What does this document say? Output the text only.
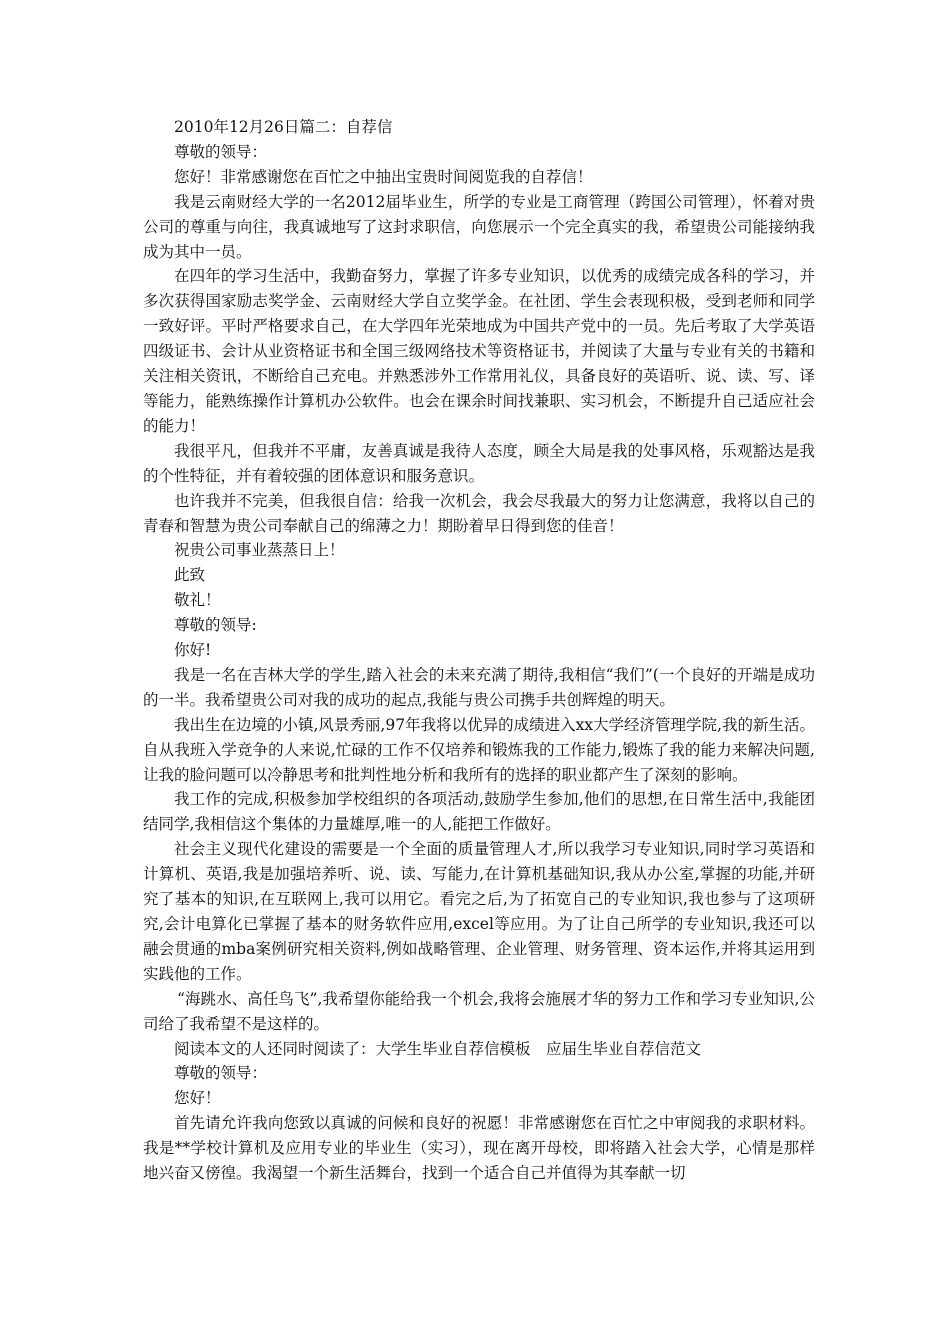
2010年12月26日篇二：自荐信

尊敬的领导：

您好！非常感谢您在百忙之中抽出宝贵时间阅览我的自荐信！

我是云南财经大学的一名2012届毕业生，所学的专业是工商管理（跨国公司管理），怀着对贵公司的尊重与向往，我真诚地写了这封求职信，向您展示一个完全真实的我，希望贵公司能接纳我成为其中一员。

在四年的学习生活中，我勤奋努力，掌握了许多专业知识，以优秀的成绩完成各科的学习，并多次获得国家励志奖学金、云南财经大学自立奖学金。在社团、学生会表现积极，受到老师和同学一致好评。平时严格要求自己，在大学四年光荣地成为中国共产党中的一员。先后考取了大学英语四级证书、会计从业资格证书和全国三级网络技术等资格证书，并阅读了大量与专业有关的书籍和关注相关资讯，不断给自己充电。并熟悉涉外工作常用礼仪，具备良好的英语听、说、读、写、译等能力，能熟练操作计算机办公软件。也会在课余时间找兼职、实习机会，不断提升自己适应社会的能力！

我很平凡，但我并不平庸，友善真诚是我待人态度，顾全大局是我的处事风格，乐观豁达是我的个性特征，并有着较强的团体意识和服务意识。

也许我并不完美，但我很自信：给我一次机会，我会尽我最大的努力让您满意，我将以自己的青春和智慧为贵公司奉献自己的绵薄之力！期盼着早日得到您的佳音！

祝贵公司事业蒸蒸日上！

此致

敬礼！

尊敬的领导:

你好!

我是一名在吉林大学的学生,踏入社会的未来充满了期待,我相信“我们”(一个良好的开端是成功的一半。我希望贵公司对我的成功的起点,我能与贵公司携手共创辉煌的明天。

我出生在边境的小镇,风景秀丽,97年我将以优异的成绩进入xx大学经济管理学院,我的新生活。自从我班入学竞争的人来说,忙碌的工作不仅培养和锻炼我的工作能力,锻炼了我的能力来解决问题,让我的脸问题可以冷静思考和批判性地分析和我所有的选择的职业都产生了深刻的影响。

我工作的完成,积极参加学校组织的各项活动,鼓励学生参加,他们的思想,在日常生活中,我能团结同学,我相信这个集体的力量雄厚,唯一的人,能把工作做好。

社会主义现代化建设的需要是一个全面的质量管理人才,所以我学习专业知识,同时学习英语和计算机、英语,我是加强培养听、说、读、写能力,在计算机基础知识,我从办公室,掌握的功能,并研究了基本的知识,在互联网上,我可以用它。看完之后,为了拓宽自己的专业知识,我也参与了这项研究,会计电算化已掌握了基本的财务软件应用,excel等应用。为了让自己所学的专业知识,我还可以融会贯通的mba案例研究相关资料,例如战略管理、企业管理、财务管理、资本运作,并将其运用到实践他的工作。

“海跳水、高任鸟飞”,我希望你能给我一个机会,我将会施展才华的努力工作和学习专业知识,公司给了我希望不是这样的。

阅读本文的人还同时阅读了：大学生毕业自荐信模板　应届生毕业自荐信范文

尊敬的领导：

您好！

首先请允许我向您致以真诚的问候和良好的祝愿！非常感谢您在百忙之中审阅我的求职材料。我是**学校计算机及应用专业的毕业生（实习），现在离开母校，即将踏入社会大学，心情是那样地兴奋又傍徨。我渴望一个新生活舞台，找到一个适合自己并值得为其奉献一切
